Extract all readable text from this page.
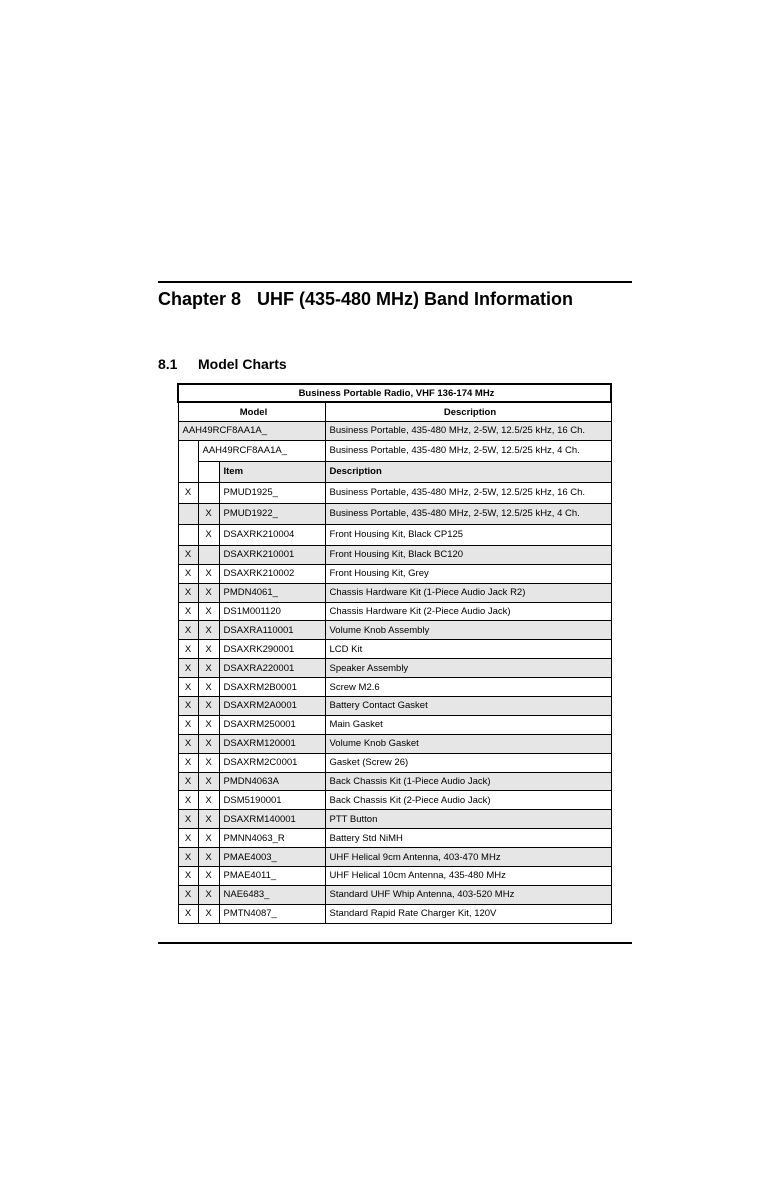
Chapter 8 UHF (435-480 MHz) Band Information
8.1 Model Charts
Business Portable Radio, VHF 136-174 MHz			
Model			Description
AAH49RCF8AA1A_			Business Portable, 435-480 MHz, 2-5W, 12.5/25 kHz, 16 Ch.
	AAH49RCF8AA1A_		Business Portable, 435-480 MHz, 2-5W, 12.5/25 kHz, 4 Ch.
		Item	Description
X		PMUD1925_	Business Portable, 435-480 MHz, 2-5W, 12.5/25 kHz, 16 Ch.
	X	PMUD1922_	Business Portable, 435-480 MHz, 2-5W, 12.5/25 kHz, 4 Ch.
	X	DSAXRK210004	Front Housing Kit, Black CP125
X		DSAXRK210001	Front Housing Kit, Black BC120
X	X	DSAXRK210002	Front Housing Kit, Grey
X	X	PMDN4061_	Chassis Hardware Kit (1-Piece Audio Jack R2)
X	X	DS1M001120	Chassis Hardware Kit (2-Piece Audio Jack)
X	X	DSAXRA110001	Volume Knob Assembly
X	X	DSAXRK290001	LCD Kit
X	X	DSAXRA220001	Speaker Assembly
X	X	DSAXRM2B0001	Screw M2.6
X	X	DSAXRM2A0001	Battery Contact Gasket
X	X	DSAXRM250001	Main Gasket
X	X	DSAXRM120001	Volume Knob Gasket
X	X	DSAXRM2C0001	Gasket (Screw 26)
X	X	PMDN4063A	Back Chassis Kit (1-Piece Audio Jack)
X	X	DSM5190001	Back Chassis Kit (2-Piece Audio Jack)
X	X	DSAXRM140001	PTT Button
X	X	PMNN4063_R	Battery Std NiMH
X	X	PMAE4003_	UHF Helical 9cm Antenna, 403-470 MHz
X	X	PMAE4011_	UHF Helical 10cm Antenna, 435-480 MHz
X	X	NAE6483_	Standard UHF Whip Antenna, 403-520 MHz
X	X	PMTN4087_	Standard Rapid Rate Charger Kit, 120V
